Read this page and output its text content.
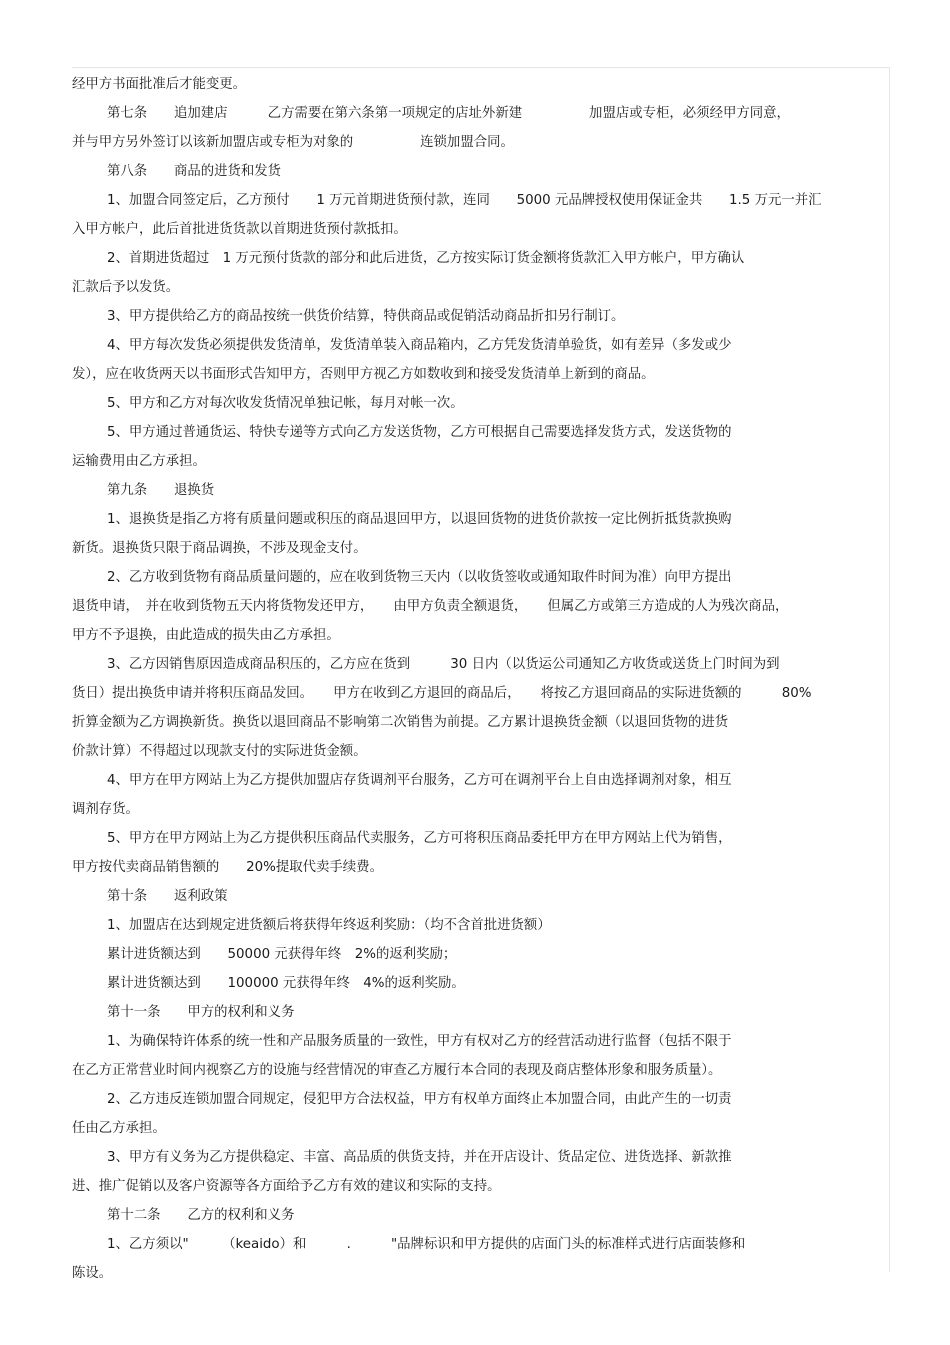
经甲方书面批准后才能变更。
第七条　　追加建店　　　乙方需要在第六条第一项规定的店址外新建　　　　　加盟店或专柜，必须经甲方同意，
并与甲方另外签订以该新加盟店或专柜为对象的　　　　　连锁加盟合同。
第八条　　商品的进货和发货
1、加盟合同签定后，乙方预付　　1 万元首期进货预付款，连同　　5000 元品牌授权使用保证金共　　1.5 万元一并汇
入甲方帐户，此后首批进货货款以首期进货预付款抵扣。
2、首期进货超过　1 万元预付货款的部分和此后进货，乙方按实际订货金额将货款汇入甲方帐户，甲方确认
汇款后予以发货。
3、甲方提供给乙方的商品按统一供货价结算，特供商品或促销活动商品折扣另行制订。
4、甲方每次发货必须提供发货清单，发货清单装入商品箱内，乙方凭发货清单验货，如有差异（多发或少
发），应在收货两天以书面形式告知甲方，否则甲方视乙方如数收到和接受发货清单上新到的商品。
5、甲方和乙方对每次收发货情况单独记帐，每月对帐一次。
5、甲方通过普通货运、特快专递等方式向乙方发送货物，乙方可根据自己需要选择发货方式，发送货物的
运输费用由乙方承担。
第九条　　退换货
1、退换货是指乙方将有质量问题或积压的商品退回甲方，以退回货物的进货价款按一定比例折抵货款换购
新货。退换货只限于商品调换，不涉及现金支付。
2、乙方收到货物有商品质量问题的，应在收到货物三天内（以收货签收或通知取件时间为准）向甲方提出
退货申请，　并在收到货物五天内将货物发还甲方，　　由甲方负责全额退货，　　但属乙方或第三方造成的人为残次商品，
甲方不予退换，由此造成的损失由乙方承担。
3、乙方因销售原因造成商品积压的，乙方应在货到　　　30 日内（以货运公司通知乙方收货或送货上门时间为到
货日）提出换货申请并将积压商品发回。　　甲方在收到乙方退回的商品后，　　将按乙方退回商品的实际进货额的　　　80%
折算金额为乙方调换新货。换货以退回商品不影响第二次销售为前提。乙方累计退换货金额（以退回货物的进货
价款计算）不得超过以现款支付的实际进货金额。
4、甲方在甲方网站上为乙方提供加盟店存货调剂平台服务，乙方可在调剂平台上自由选择调剂对象，相互
调剂存货。
5、甲方在甲方网站上为乙方提供积压商品代卖服务，乙方可将积压商品委托甲方在甲方网站上代为销售，
甲方按代卖商品销售额的　　20%提取代卖手续费。
第十条　　返利政策
1、加盟店在达到规定进货额后将获得年终返利奖励：（均不含首批进货额）
累计进货额达到　　50000 元获得年终　2%的返利奖励；
累计进货额达到　　100000 元获得年终　4%的返利奖励。
第十一条　　甲方的权利和义务
1、为确保特许体系的统一性和产品服务质量的一致性，甲方有权对乙方的经营活动进行监督（包括不限于
在乙方正常营业时间内视察乙方的设施与经营情况的审查乙方履行本合同的表现及商店整体形象和服务质量）。
2、乙方违反连锁加盟合同规定，侵犯甲方合法权益，甲方有权单方面终止本加盟合同，由此产生的一切责
任由乙方承担。
3、甲方有义务为乙方提供稳定、丰富、高品质的供货支持，并在开店设计、货品定位、进货选择、新款推
进、推广促销以及客户资源等各方面给予乙方有效的建议和实际的支持。
第十二条　　乙方的权利和义务
1、乙方须以"　　　（keaido）和　　　.　　　"品牌标识和甲方提供的店面门头的标准样式进行店面装修和
陈设。
